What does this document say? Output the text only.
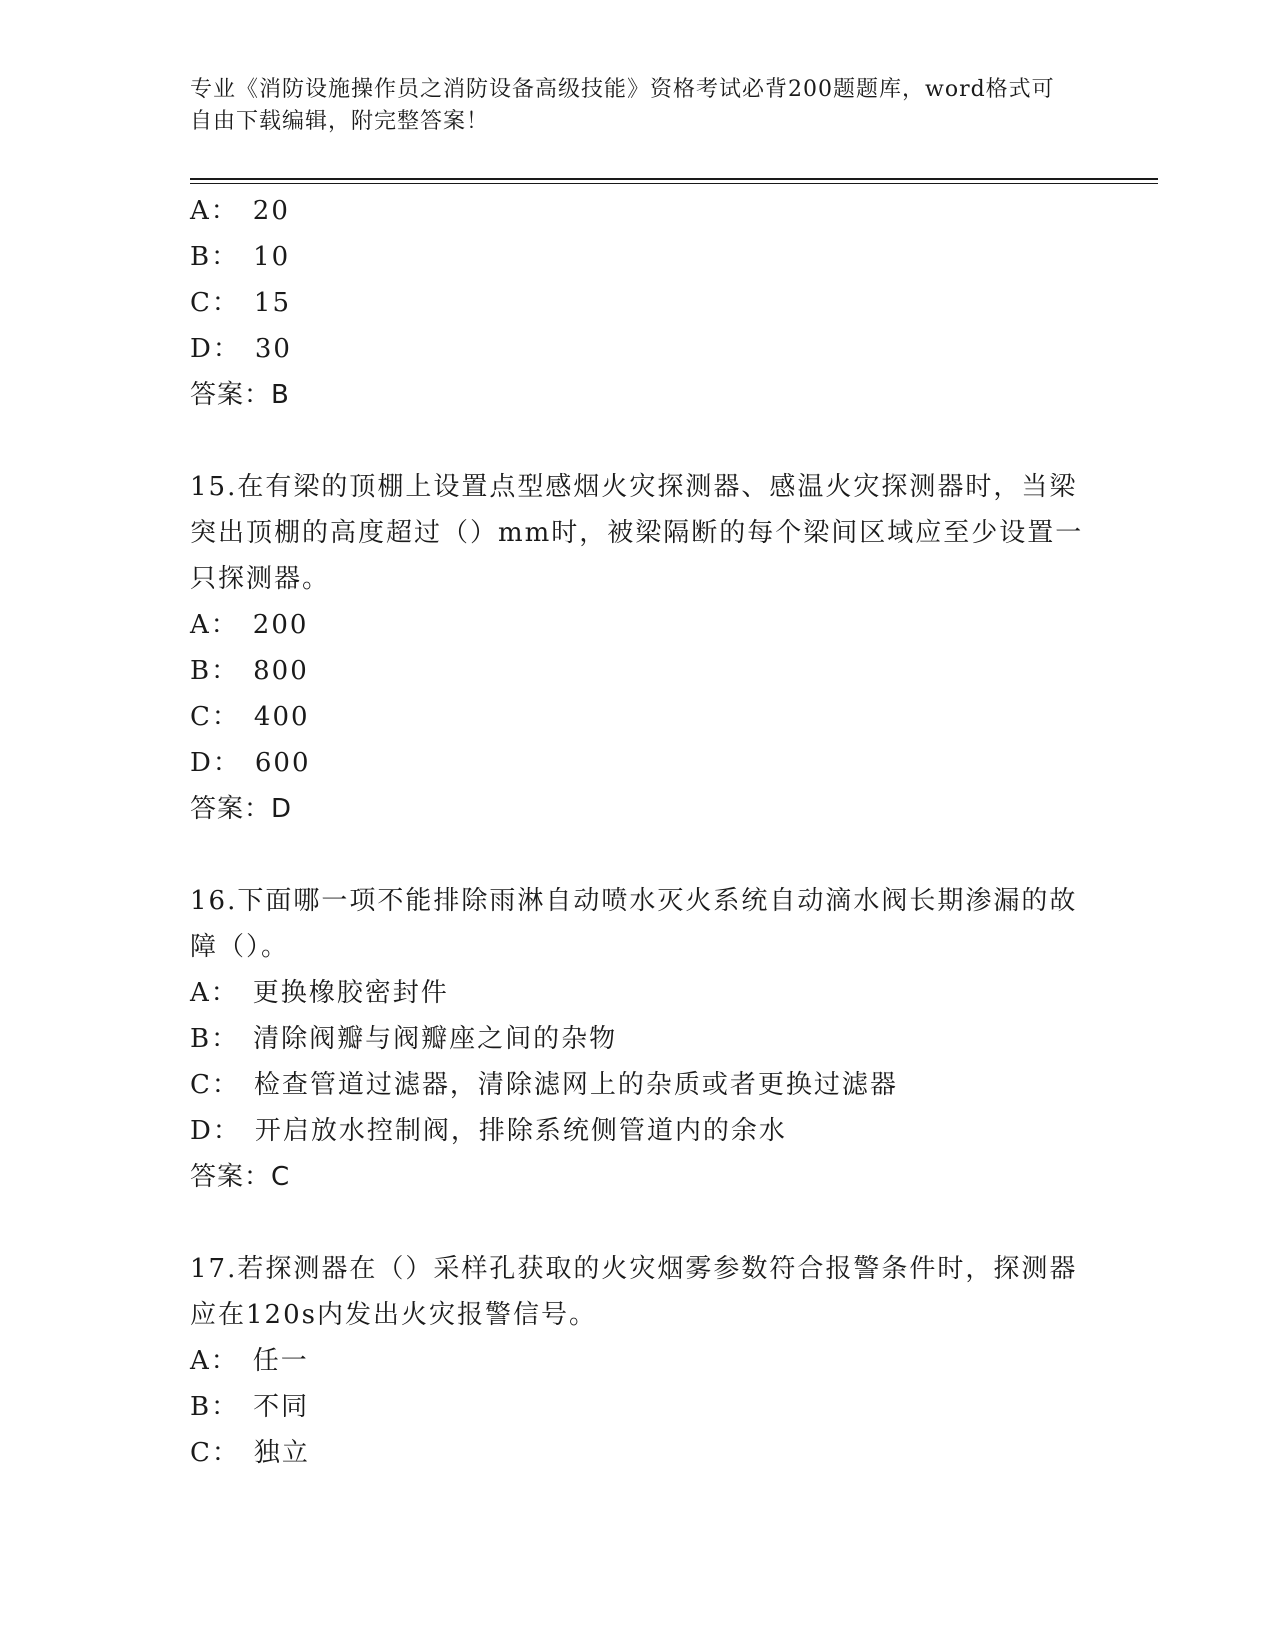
专业《消防设施操作员之消防设备高级技能》资格考试必背200题题库，word格式可自由下载编辑，附完整答案！
A： 20
B： 10
C： 15
D： 30
答案：B
15.在有梁的顶棚上设置点型感烟火灾探测器、感温火灾探测器时，当梁突出顶棚的高度超过（）mm时，被梁隔断的每个梁间区域应至少设置一只探测器。
A： 200
B： 800
C： 400
D： 600
答案：D
16.下面哪一项不能排除雨淋自动喷水灭火系统自动滴水阀长期渗漏的故障（）。
A： 更换橡胶密封件
B： 清除阀瓣与阀瓣座之间的杂物
C： 检查管道过滤器，清除滤网上的杂质或者更换过滤器
D： 开启放水控制阀，排除系统侧管道内的余水
答案：C
17.若探测器在（）采样孔获取的火灾烟雾参数符合报警条件时，探测器应在120s内发出火灾报警信号。
A： 任一
B： 不同
C： 独立
